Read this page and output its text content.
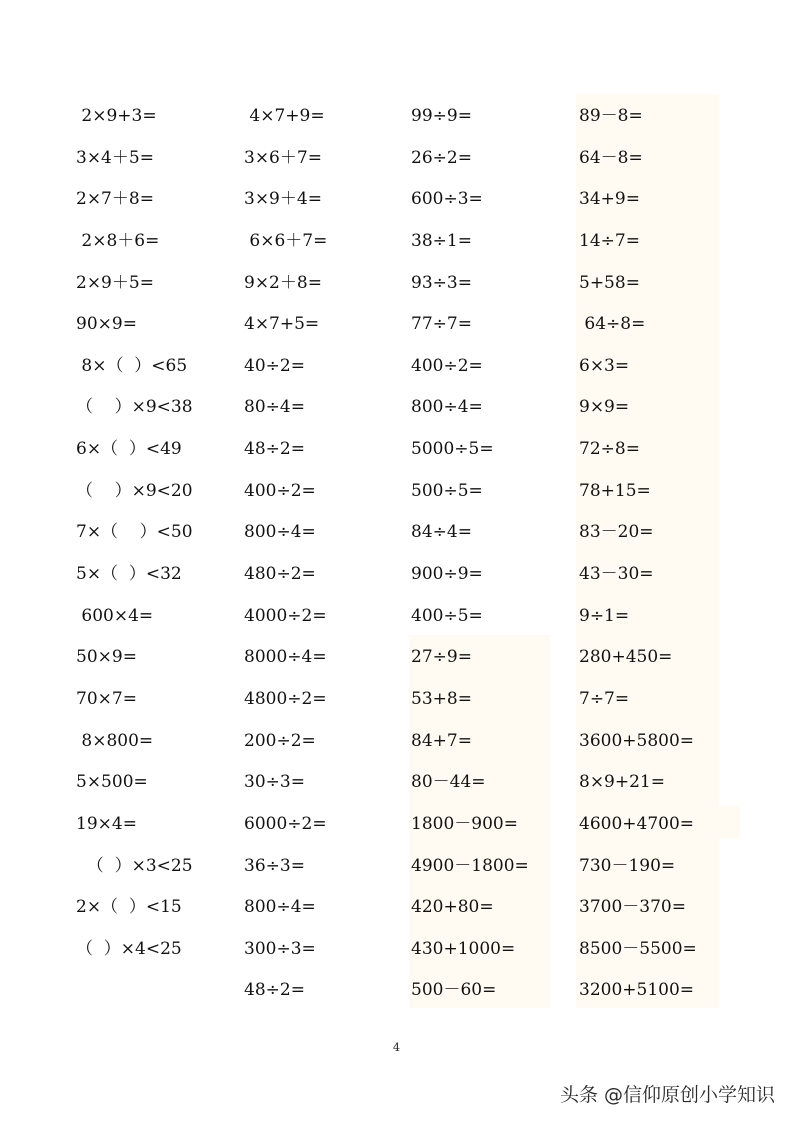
2×9+3=
3×4＋5=
2×7＋8=
2×8＋6=
2×9＋5=
90×9=
8×（  ）<65
（    ）×9<38
6×（  ）<49
（    ）×9<20
7×（    ）<50
5×（  ）<32
600×4=
50×9=
70×7=
8×800=
5×500=
19×4=
（  ）×3<25
2×（  ）<15
（  ）×4<25
4×7+9=
3×6＋7=
3×9＋4=
6×6＋7=
9×2＋8=
4×7+5=
40÷2=
80÷4=
48÷2=
400÷2=
800÷4=
480÷2=
4000÷2=
8000÷4=
4800÷2=
200÷2=
30÷3=
6000÷2=
36÷3=
800÷4=
300÷3=
48÷2=
99÷9=
26÷2=
600÷3=
38÷1=
93÷3=
77÷7=
400÷2=
800÷4=
5000÷5=
500÷5=
84÷4=
900÷9=
400÷5=
27÷9=
53+8=
84+7=
80－44=
1800－900=
4900－1800=
420+80=
430+1000=
500－60=
89－8=
64－8=
34+9=
14÷7=
5+58=
64÷8=
6×3=
9×9=
72÷8=
78+15=
83－20=
43－30=
9÷1=
280+450=
7÷7=
3600+5800=
8×9+21=
4600+4700=
730－190=
3700－370=
8500－5500=
3200+5100=
4
头条 @信仰原创小学知识
